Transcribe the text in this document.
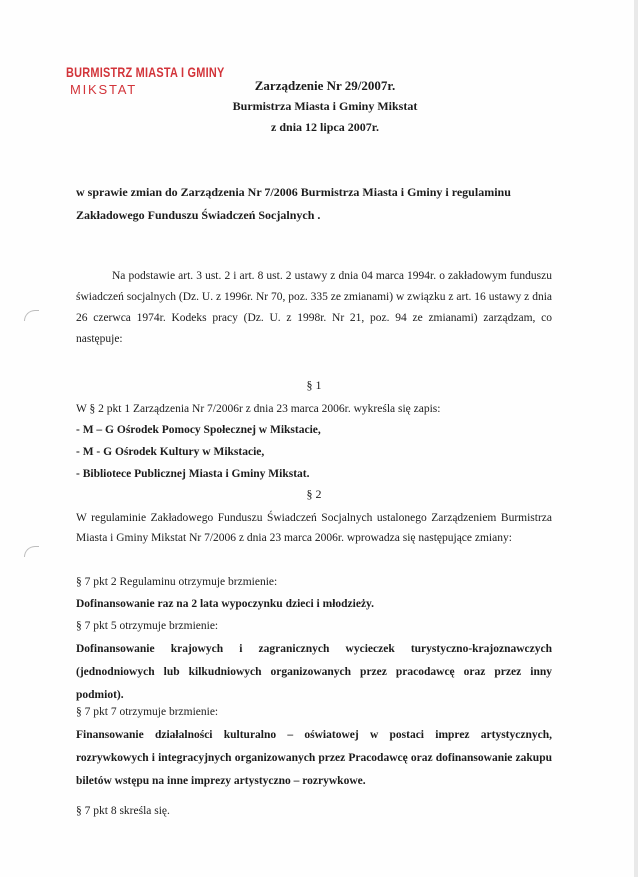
BURMISTRZ MIASTA I GMINY
MIKSTAT	Zarządzenie Nr 29/2007r.
Burmistrza Miasta i Gminy Mikstat
z dnia 12 lipca 2007r.
w sprawie zmian do Zarządzenia Nr 7/2006 Burmistrza Miasta i Gminy i regulaminu
Zakładowego Funduszu Świadczeń Socjalnych .
Na podstawie art. 3 ust. 2 i art. 8 ust. 2 ustawy z dnia 04 marca 1994r. o zakładowym funduszu świadczeń socjalnych (Dz. U. z 1996r. Nr 70, poz. 335 ze zmianami) w związku z art. 16 ustawy z dnia 26 czerwca 1974r. Kodeks pracy (Dz. U. z 1998r. Nr 21, poz. 94 ze zmianami) zarządzam, co następuje:
§ 1
W § 2 pkt 1 Zarządzenia Nr 7/2006r z dnia 23 marca 2006r. wykreśla się zapis:
- M – G Ośrodek Pomocy Społecznej w Mikstacie,
- M - G Ośrodek Kultury w Mikstacie,
- Bibliotece Publicznej Miasta i Gminy Mikstat.
§ 2
W regulaminie Zakładowego Funduszu Świadczeń Socjalnych ustalonego Zarządzeniem Burmistrza Miasta i Gminy Mikstat Nr 7/2006 z dnia 23 marca 2006r. wprowadza się następujące zmiany:
§ 7 pkt 2 Regulaminu otrzymuje brzmienie:
Dofinansowanie raz na 2 lata wypoczynku dzieci i młodzieży.
§ 7 pkt 5 otrzymuje brzmienie:
Dofinansowanie krajowych i zagranicznych wycieczek turystyczno-krajoznawczych (jednodniowych lub kilkudniowych organizowanych przez pracodawcę oraz przez inny podmiot).
§ 7 pkt 7 otrzymuje brzmienie:
Finansowanie działalności kulturalno – oświatowej w postaci imprez artystycznych, rozrywkowych i integracyjnych organizowanych przez Pracodawcę oraz dofinansowanie zakupu biletów wstępu na inne imprezy artystyczno – rozrywkowe.
§ 7 pkt 8 skreśla się.
